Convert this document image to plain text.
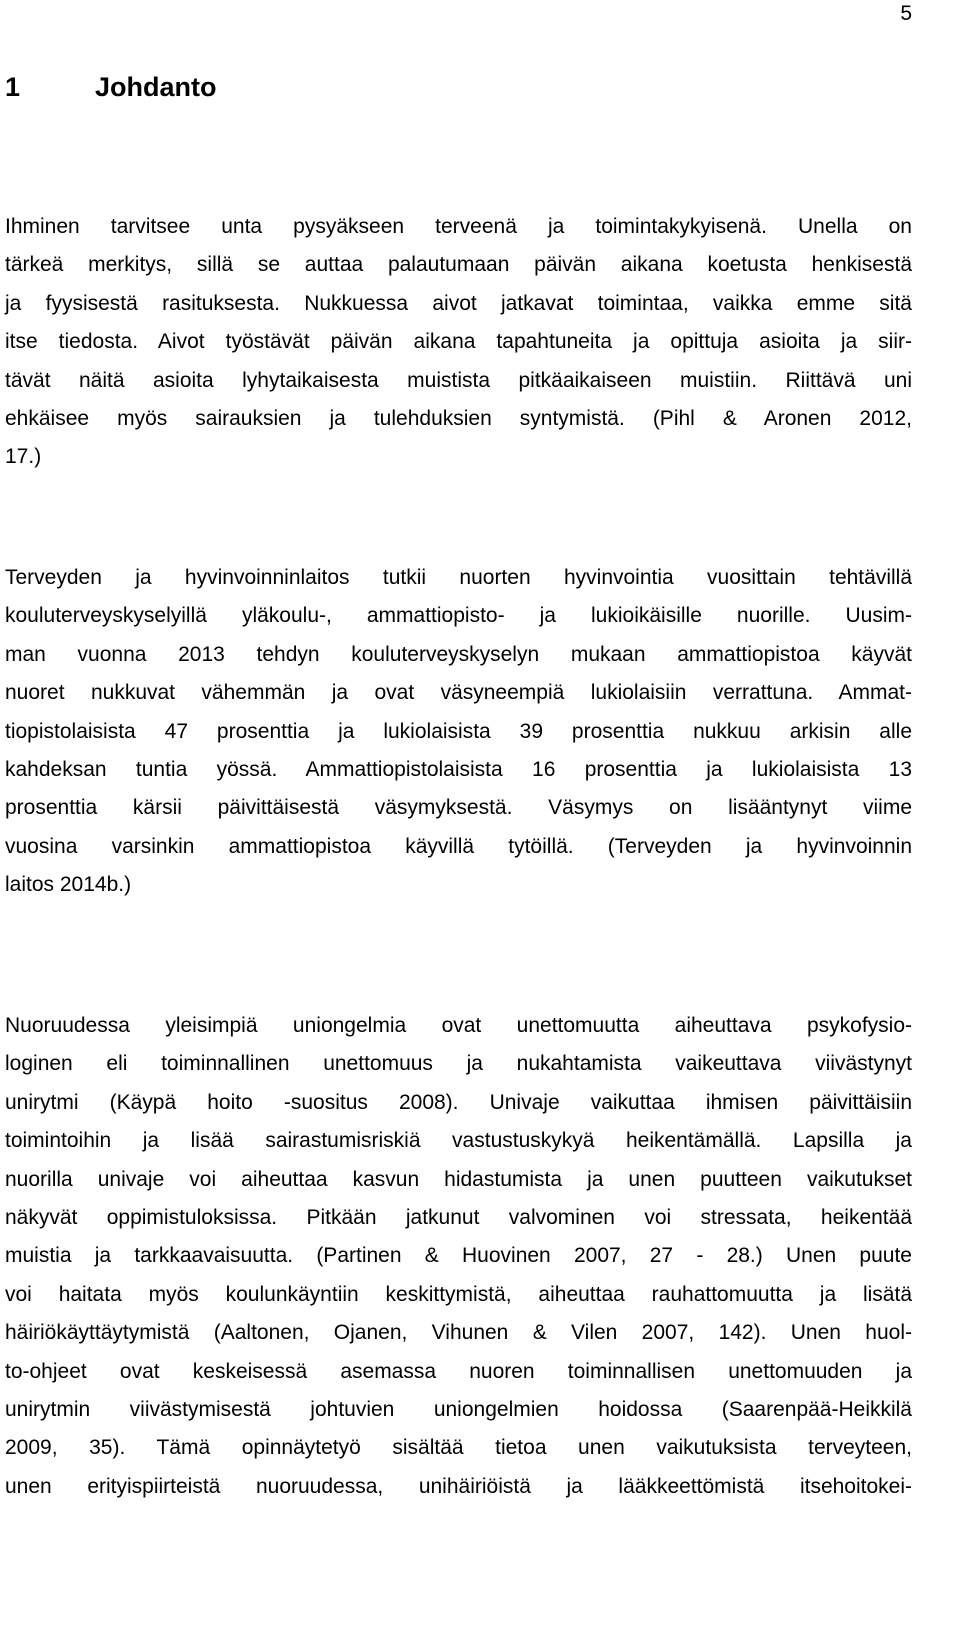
5
1	Johdanto
Ihminen tarvitsee unta pysyäkseen terveenä ja toimintakykyisenä. Unella on
tärkeä merkitys, sillä se auttaa palautumaan päivän aikana koetusta henkisestä
ja fyysisestä rasituksesta. Nukkuessa aivot jatkavat toimintaa, vaikka emme sitä
itse tiedosta. Aivot työstävät päivän aikana tapahtuneita ja opittuja asioita ja siir-
tävät näitä asioita lyhytaikaisesta muistista pitkäaikaiseen muistiin. Riittävä uni
ehkäisee myös sairauksien ja tulehduksien syntymistä. (Pihl & Aronen 2012,
17.)
Terveyden ja hyvinvoinninlaitos tutkii nuorten hyvinvointia vuosittain tehtävillä
kouluterveyskyselyillä yläkoulu-, ammattiopisto- ja lukioikäisille nuorille. Uusim-
man vuonna 2013 tehdyn kouluterveyskyselyn mukaan ammattiopistoa käyvät
nuoret nukkuvat vähemmän ja ovat väsyneempiä lukiolaisiin verrattuna. Ammat-
tiopistolaisista 47 prosenttia ja lukiolaisista 39 prosenttia nukkuu arkisin alle
kahdeksan tuntia yössä. Ammattiopistolaisista 16 prosenttia ja lukiolaisista 13
prosenttia kärsii päivittäisestä väsymyksestä. Väsymys on lisääntynyt viime
vuosina varsinkin ammattiopistoa käyvillä tytöillä. (Terveyden ja hyvinvoinnin
laitos 2014b.)
Nuoruudessa yleisimpiä uniongelmia ovat unettomuutta aiheuttava psykofysio-
loginen eli toiminnallinen unettomuus ja nukahtamista vaikeuttava viivästynyt
unirytmi (Käypä hoito -suositus 2008). Univaje vaikuttaa ihmisen päivittäisiin
toimintoihin ja lisää sairastumisriskiä vastustuskykyä heikentämällä. Lapsilla ja
nuorilla univaje voi aiheuttaa kasvun hidastumista ja unen puutteen vaikutukset
näkyvät oppimistuloksissa. Pitkään jatkunut valvominen voi stressata, heikentää
muistia ja tarkkaavaisuutta. (Partinen & Huovinen 2007, 27 - 28.) Unen puute
voi haitata myös koulunkäyntiin keskittymistä, aiheuttaa rauhattomuutta ja lisätä
häiriökäyttäytymistä (Aaltonen, Ojanen, Vihunen & Vilen 2007, 142). Unen huol-
to-ohjeet ovat keskeisessä asemassa nuoren toiminnallisen unettomuuden ja
unirytmin viivästymisestä johtuvien uniongelmien hoidossa (Saarenpää-Heikkilä
2009, 35). Tämä opinnäytetyö sisältää tietoa unen vaikutuksista terveyteen,
unen erityispiirteistä nuoruudessa, unihäiriöistä ja lääkkeettömistä itsehoitokei-
